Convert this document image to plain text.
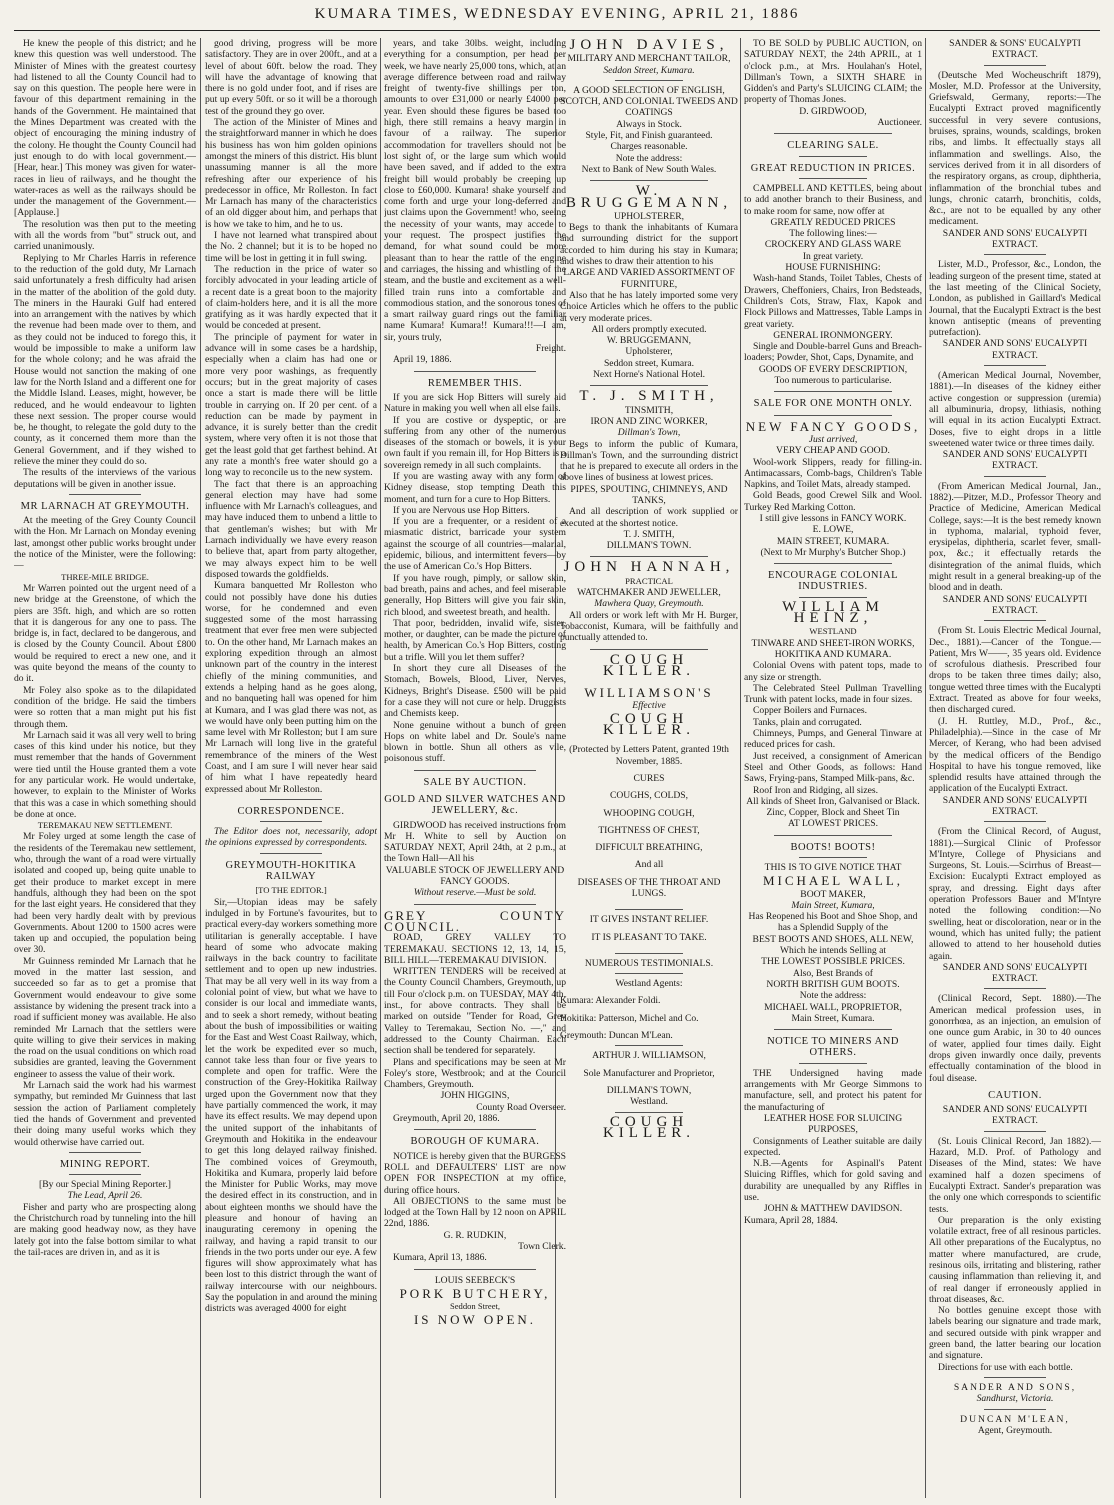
KUMARA TIMES, WEDNESDAY EVENING, APRIL 21, 1886

He knew the people of this district; and he knew this question was well understood. The Minister of Mines with the greatest courtesy had listened to all the County Council had to say on this question. The people here were in favour of this department remaining in the hands of the Government. He maintained that the Mines Department was created with the object of encouraging the mining industry of the colony. He thought the County Council had just enough to do with local government.—[Hear, hear.] This money was given for water-races in lieu of railways, and he thought the water-races as well as the railways should be under the management of the Government.—[Applause.]

The resolution was then put to the meeting with all the words from "but" struck out, and carried unanimously.

Replying to Mr Charles Harris in reference to the reduction of the gold duty, Mr Larnach said unfortunately a fresh difficulty had arisen in the matter of the abolition of the gold duty. The miners in the Hauraki Gulf had entered into an arrangement with the natives by which the revenue had been made over to them, and as they could not be induced to forego this, it would be impossible to make a uniform law for the whole colony; and he was afraid the House would not sanction the making of one law for the North Island and a different one for the Middle Island. Leases, might, however, be reduced, and he would endeavour to lighten these next session. The proper course would be, he thought, to relegate the gold duty to the county, as it concerned them more than the General Government, and if they wished to relieve the miner they could do so.

The results of the interviews of the various deputations will be given in another issue.

MR LARNACH AT GREYMOUTH.

At the meeting of the Grey County Council with the Hon. Mr Larnach on Monday evening last, amongst other public works brought under the notice of the Minister, were the following:—

THREE-MILE BRIDGE.

Mr Warren pointed out the urgent need of a new bridge at the Greenstone, of which the piers are 35ft. high, and which are so rotten that it is dangerous for any one to pass. The bridge is, in fact, declared to be dangerous, and is closed by the County Council. About £800 would be required to erect a new one, and it was quite beyond the means of the county to do it.

Mr Foley also spoke as to the dilapidated condition of the bridge. He said the timbers were so rotten that a man might put his fist through them.

Mr Larnach said it was all very well to bring cases of this kind under his notice, but they must remember that the hands of Government were tied until the House granted them a vote for any particular work. He would undertake, however, to explain to the Minister of Works that this was a case in which something should be done at once.

TEREMAKAU NEW SETTLEMENT.

Mr Foley urged at some length the case of the residents of the Teremakau new settlement, who, through the want of a road were virtually isolated and cooped up, being quite unable to get their produce to market except in mere handfuls, although they had been on the spot for the last eight years. He considered that they had been very hardly dealt with by previous Governments. About 1200 to 1500 acres were taken up and occupied, the population being over 30.

Mr Guinness reminded Mr Larnach that he moved in the matter last session, and succeeded so far as to get a promise that Government would endeavour to give some assistance by widening the present track into a road if sufficient money was available. He also reminded Mr Larnach that the settlers were quite willing to give their services in making the road on the usual conditions on which road subsidies are granted, leaving the Government engineer to assess the value of their work.

Mr Larnach said the work had his warmest sympathy, but reminded Mr Guinness that last session the action of Parliament completely tied the hands of Government and prevented their doing many useful works which they would otherwise have carried out.

MINING REPORT.
[By our Special Mining Reporter.]
The Lead, April 26.

Fisher and party who are prospecting along the Christchurch road by tunneling into the hill are making good headway now, as they have lately got into the false bottom similar to what the tail-races are driven in, and as it is

good driving, progress will be more satisfactory. They are in over 200ft., and at a level of about 60ft. below the road. They will have the advantage of knowing that there is no gold under foot, and if rises are put up every 50ft. or so it will be a thorough test of the ground they go over.

The action of the Minister of Mines and the straightforward manner in which he does his business has won him golden opinions amongst the miners of this district. His blunt unassuming manner is all the more refreshing after our experience of his predecessor in office, Mr Rolleston. In fact Mr Larnach has many of the characteristics of an old digger about him, and perhaps that is how we take to him, and he to us.

I have not learned what transpired about the No. 2 channel; but it is to be hoped no time will be lost in getting it in full swing.

The reduction in the price of water so forcibly advocated in your leading article of a recent date is a great boon to the majority of claim-holders here, and it is all the more gratifying as it was hardly expected that it would be conceded at present.

The principle of payment for water in advance will in some cases be a hardship, especially when a claim has had one or more very poor washings, as frequently occurs; but in the great majority of cases once a start is made there will be little trouble in carrying on. If 20 per cent. of a reduction can be made by payment in advance, it is surely better than the credit system, where very often it is not those that get the least gold that get farthest behind. At any rate a month's free water should go a long way to reconcile us to the new system.

The fact that there is an approaching general election may have had some influence with Mr Larnach's colleagues, and may have induced them to unbend a little to that gentleman's wishes; but with Mr Larnach individually we have every reason to believe that, apart from party altogether, we may always expect him to be well disposed towards the goldfields.

Kumara banquetted Mr Rolleston who could not possibly have done his duties worse, for he condemned and even suggested some of the most harrassing treatment that ever free men were subjected to. On the other hand, Mr Larnach makes an exploring expedition through an almost unknown part of the country in the interest chiefly of the mining communities, and extends a helping hand as he goes along, and no banqueting hall was opened for him at Kumara, and I was glad there was not, as we would have only been putting him on the same level with Mr Rolleston; but I am sure Mr Larnach will long live in the grateful remembrance of the miners of the West Coast, and I am sure I will never hear said of him what I have repeatedly heard expressed about Mr Rolleston.

CORRESPONDENCE.

The Editor does not, necessarily, adopt the opinions expressed by correspondents.

GREYMOUTH-HOKITIKA RAILWAY
[TO THE EDITOR.]

Sir,—Utopian ideas may be safely indulged in by Fortune's favourites, but to practical every-day workers something more utilitarian is generally acceptable. I have heard of some who advocate making railways in the back country to facilitate settlement and to open up new industries. That may be all very well in its way from a colonial point of view, but what we have to consider is our local and immediate wants, and to seek a short remedy, without beating about the bush of impossibilities or waiting for the East and West Coast Railway, which, let the work be expedited ever so much, cannot take less than four or five years to complete and open for traffic. Were the construction of the Grey-Hokitika Railway urged upon the Government now that they have partially commenced the work, it may have its effect results. We may depend upon the united support of the inhabitants of Greymouth and Hokitika in the endeavour to get this long delayed railway finished. The combined voices of Greymouth, Hokitika and Kumara, properly laid before the Minister for Public Works, may move the desired effect in its construction, and in about eighteen months we should have the pleasure and honour of having an inaugurating ceremony in opening the railway, and having a rapid transit to our friends in the two ports under our eye. A few figures will show approximately what has been lost to this district through the want of railway intercourse with our neighbours. Say the population in and around the mining districts was averaged 4000 for eight

years, and take 30lbs. weight, including everything for a consumption, per head per week, we have nearly 25,000 tons, which, at an average difference between road and railway freight of twenty-five shillings per ton, amounts to over £31,000 or nearly £4000 per year. Even should these figures be based too high, there still remains a heavy margin in favour of a railway. The superior accommodation for travellers should not be lost sight of, or the large sum which would have been saved, and if added to the extra freight bill would probably be creeping up close to £60,000. Kumara! shake yourself and come forth and urge your long-deferred and just claims upon the Government! who, seeing the necessity of your wants, may accede to your request. The prospect justifies the demand, for what sound could be more pleasant than to hear the rattle of the engine and carriages, the hissing and whistling of the steam, and the bustle and excitement as a well-filled train runs into a comfortable and commodious station, and the sonorous tones of a smart railway guard rings out the familiar name Kumara! Kumara!! Kumara!!!—I am, sir, yours truly,

Freight.

April 19, 1886.

REMEMBER THIS.

If you are sick Hop Bitters will surely aid Nature in making you well when all else fails.

If you are costive or dyspeptic, or are suffering from any other of the numerous diseases of the stomach or bowels, it is your own fault if you remain ill, for Hop Bitters is a sovereign remedy in all such complaints.

If you are wasting away with any form of Kidney disease, stop tempting Death this moment, and turn for a cure to Hop Bitters.

If you are Nervous use Hop Bitters.

If you are a frequenter, or a resident of a miasmatic district, barricade your system against the scourge of all countries—malarial, epidemic, bilious, and intermittent fevers—by the use of American Co.'s Hop Bitters.

If you have rough, pimply, or sallow skin, bad breath, pains and aches, and feel miserable generally, Hop Bitters will give you fair skin, rich blood, and sweetest breath, and health.

That poor, bedridden, invalid wife, sister, mother, or daughter, can be made the picture of health, by American Co.'s Hop Bitters, costing but a trifle. Will you let them suffer?

In short they cure all Diseases of the Stomach, Bowels, Blood, Liver, Nerves, Kidneys, Bright's Disease. £500 will be paid for a case they will not cure or help. Druggists and Chemists keep.

None genuine without a bunch of green Hops on white label and Dr. Soule's name blown in bottle. Shun all others as vile, poisonous stuff.

SALE BY AUCTION.
GOLD AND SILVER WATCHES AND JEWELLERY, &c.

GIRDWOOD has received instructions from Mr H. White to sell by Auction on SATURDAY NEXT, April 24th, at 2 p.m., at the Town Hall—All his

VALUABLE STOCK OF JEWELLERY AND FANCY GOODS.
Without reserve.—Must be sold.
GREY COUNTY COUNCIL.

ROAD, GREY VALLEY TO TEREMAKAU. SECTIONS 12, 13, 14, 15, BILL HILL—TEREMAKAU DIVISION.

WRITTEN TENDERS will be received at the County Council Chambers, Greymouth, up till Four o'clock p.m. on TUESDAY, MAY 4th, inst., for above contracts. They shall be marked on outside "Tender for Road, Grey Valley to Teremakau, Section No. —," and addressed to the County Chairman. Each section shall be tendered for separately.

Plans and specifications may be seen at Mr Foley's store, Westbrook; and at the Council Chambers, Greymouth.

JOHN HIGGINS,
County Road Overseer.

Greymouth, April 20, 1886.

BOROUGH OF KUMARA.

NOTICE is hereby given that the BURGESS ROLL and DEFAULTERS' LIST are now OPEN FOR INSPECTION at my office, during office hours.

All OBJECTIONS to the same must be lodged at the Town Hall by 12 noon on APRIL 22nd, 1886.

G. R. RUDKIN,
Town Clerk.

Kumara, April 13, 1886.

LOUIS SEEBECK'S
PORK BUTCHERY,
Seddon Street,
IS NOW OPEN.
JOHN DAVIES,
MILITARY AND MERCHANT TAILOR,
Seddon Street, Kumara.
A GOOD SELECTION OF ENGLISH, SCOTCH, AND COLONIAL TWEEDS AND COATINGS
Always in Stock.
Style, Fit, and Finish guaranteed.
Charges reasonable.
Note the address:
Next to Bank of New South Wales.
W. BRUGGEMANN,
UPHOLSTERER,

Begs to thank the inhabitants of Kumara and surrounding district for the support accorded to him during his stay in Kumara; and wishes to draw their attention to his

LARGE AND VARIED ASSORTMENT OF FURNITURE,

Also that he has lately imported some very Choice Articles which he offers to the public at very moderate prices.

All orders promptly executed.
W. BRUGGEMANN,
Upholsterer,
Seddon street, Kumara.
Next Horne's National Hotel.
T. J. SMITH,
TINSMITH,
IRON AND ZINC WORKER,
Dillman's Town,

Begs to inform the public of Kumara, Dillman's Town, and the surrounding district that he is prepared to execute all orders in the above lines of business at lowest prices.

PIPES, SPOUTING, CHIMNEYS, AND TANKS,

And all description of work supplied or executed at the shortest notice.

T. J. SMITH,
DILLMAN'S TOWN.
JOHN HANNAH,
PRACTICAL
WATCHMAKER AND JEWELLER,
Mawhera Quay, Greymouth.

All orders or work left with Mr H. Burger, Tobacconist, Kumara, will be faithfully and punctually attended to.

COUGH KILLER.
WILLIAMSON'S
Effective
COUGH KILLER.
(Protected by Letters Patent, granted 19th November, 1885.
CURES
COUGHS, COLDS,
WHOOPING COUGH,
TIGHTNESS OF CHEST,
DIFFICULT BREATHING,
And all
DISEASES OF THE THROAT AND LUNGS.
IT GIVES INSTANT RELIEF.
IT IS PLEASANT TO TAKE.
NUMEROUS TESTIMONIALS.
Westland Agents:
Kumara: Alexander Foldi.
Hokitika: Patterson, Michel and Co.
Greymouth: Duncan M'Lean.
ARTHUR J. WILLIAMSON,
Sole Manufacturer and Proprietor,
DILLMAN'S TOWN,
Westland.
COUGH KILLER.

TO BE SOLD by PUBLIC AUCTION, on SATURDAY NEXT, the 24th APRIL, at 1 o'clock p.m., at Mrs. Houlahan's Hotel, Dillman's Town, a SIXTH SHARE in Gidden's and Party's SLUICING CLAIM; the property of Thomas Jones.

D. GIRDWOOD,
Auctioneer.
CLEARING SALE.
GREAT REDUCTION IN PRICES.

CAMPBELL AND KETTLES, being about to add another branch to their Business, and to make room for same, now offer at

GREATLY REDUCED PRICES
The following lines:—
CROCKERY AND GLASS WARE
In great variety.
HOUSE FURNISHING:

Wash-hand Stands, Toilet Tables, Chests of Drawers, Cheffoniers, Chairs, Iron Bedsteads, Children's Cots, Straw, Flax, Kapok and Flock Pillows and Mattresses, Table Lamps in great variety.

GENERAL IRONMONGERY.

Single and Double-barrel Guns and Breach-loaders; Powder, Shot, Caps, Dynamite, and

GOODS OF EVERY DESCRIPTION,
Too numerous to particularise.
SALE FOR ONE MONTH ONLY.
NEW FANCY GOODS,
Just arrived,
VERY CHEAP AND GOOD.

Wool-work Slippers, ready for filling-in. Antimacassars, Comb-bags, Children's Table Napkins, and Toilet Mats, already stamped.

Gold Beads, good Crewel Silk and Wool. Turkey Red Marking Cotton.

I still give lessons in FANCY WORK.
E. LOWE,
MAIN STREET, KUMARA.
(Next to Mr Murphy's Butcher Shop.)
ENCOURAGE COLONIAL INDUSTRIES.
WILLIAM HEINZ,
WESTLAND
TINWARE AND SHEET-IRON WORKS,
HOKITIKA AND KUMARA.

Colonial Ovens with patent tops, made to any size or strength.

The Celebrated Steel Pullman Travelling Trunk with patent locks, made in four sizes.

Copper Boilers and Furnaces.

Tanks, plain and corrugated.

Chimneys, Pumps, and General Tinware at reduced prices for cash.

Just received, a consignment of American Steel and Other Goods, as follows: Hand Saws, Frying-pans, Stamped Milk-pans, &c.

Roof Iron and Ridging, all sizes.

All kinds of Sheet Iron, Galvanised or Black.
Zinc, Copper, Block and Sheet Tin
AT LOWEST PRICES.
BOOTS! BOOTS!
THIS IS TO GIVE NOTICE THAT
MICHAEL WALL,
BOOT MAKER,
Main Street, Kumara,
Has Reopened his Boot and Shoe Shop, and has a Splendid Supply of the
BEST BOOTS AND SHOES, ALL NEW,
Which he intends Selling at
THE LOWEST POSSIBLE PRICES.
Also, Best Brands of
NORTH BRITISH GUM BOOTS.
Note the address:
MICHAEL WALL, PROPRIETOR,
Main Street, Kumara.
NOTICE TO MINERS AND OTHERS.

THE Undersigned having made arrangements with Mr George Simmons to manufacture, sell, and protect his patent for the manufacturing of

LEATHER HOSE FOR SLUICING PURPOSES,

Consignments of Leather suitable are daily expected.

N.B.—Agents for Aspinall's Patent Sluicing Riffles, which for gold saving and durability are unequalled by any Riffles in use.

JOHN & MATTHEW DAVIDSON.
Kumara, April 28, 1884.
SANDER & SONS' EUCALYPTI EXTRACT.

(Deutsche Med Wocheuschrift 1879), Mosler, M.D. Professor at the University, Griefswald, Germany, reports:—The Eucalypti Extract proved magnificently successful in very severe contusions, bruises, sprains, wounds, scaldings, broken ribs, and limbs. It effectually stays all inflammation and swellings. Also, the services derived from it in all disorders of the respiratory organs, as croup, diphtheria, inflammation of the bronchial tubes and lungs, chronic catarrh, bronchitis, colds, &c., are not to be equalled by any other medicament.

SANDER AND SONS' EUCALYPTI EXTRACT.

Lister, M.D., Professor, &c., London, the leading surgeon of the present time, stated at the last meeting of the Clinical Society, London, as published in Gaillard's Medical Journal, that the Eucalypti Extract is the best known antiseptic (means of preventing putrefaction).

SANDER AND SONS' EUCALYPTI EXTRACT.

(American Medical Journal, November, 1881).—In diseases of the kidney either active congestion or suppression (uremia) all albuminuria, dropsy, lithiasis, nothing will equal in its action Eucalypti Extract. Doses, five to eight drops in a little sweetened water twice or three times daily.

SANDER AND SONS' EUCALYPTI EXTRACT.

(From American Medical Journal, Jan., 1882).—Pitzer, M.D., Professor Theory and Practice of Medicine, American Medical College, says:—It is the best remedy known in typhoma, malarial, typhoid fever, erysipelas, diphtheria, scarlet fever, small-pox, &c.; it effectually retards the disintegration of the animal fluids, which might result in a general breaking-up of the blood and in death.

SANDER AND SONS' EUCALYPTI EXTRACT.

(From St. Louis Electric Medical Journal, Dec., 1881).—Cancer of the Tongue.—Patient, Mrs W——, 35 years old. Evidence of scrofulous diathesis. Prescribed four drops to be taken three times daily; also, tongue wetted three times with the Eucalypti Extract. Treated as above for four weeks, then discharged cured.

(J. H. Ruttley, M.D., Prof., &c., Philadelphia).—Since in the case of Mr Mercer, of Kerang, who had been advised by the medical officers of the Bendigo Hospital to have his tongue removed, like splendid results have attained through the application of the Eucalypti Extract.

SANDER AND SONS' EUCALYPTI EXTRACT.

(From the Clinical Record, of August, 1881).—Surgical Clinic of Professor M'Intyre, College of Physicians and Surgeons, St. Louis.—Scirrhus of Breast—Excision: Eucalypti Extract employed as spray, and dressing. Eight days after operation Professors Bauer and M'Intyre noted the following condition:—No swelling, heat or discoloration, near or in the wound, which has united fully; the patient allowed to attend to her household duties again.

SANDER AND SONS' EUCALYPTI EXTRACT.

(Clinical Record, Sept. 1880).—The American medical profession uses, in gonorrhœa, as an injection, an emulsion of one ounce gum Arabic, in 30 to 40 ounces of water, applied four times daily. Eight drops given inwardly once daily, prevents effectually contamination of the blood in foul disease.

CAUTION.
SANDER AND SONS' EUCALYPTI EXTRACT.

(St. Louis Clinical Record, Jan 1882).—Hazard, M.D. Prof. of Pathology and Diseases of the Mind, states: We have examined half a dozen specimens of Eucalypti Extract. Sander's preparation was the only one which corresponds to scientific tests.

Our preparation is the only existing volatile extract, free of all resinous particles. All other preparations of the Eucalyptus, no matter where manufactured, are crude, resinous oils, irritating and blistering, rather causing inflammation than relieving it, and of real danger if erroneously applied in throat diseases, &c.

No bottles genuine except those with labels bearing our signature and trade mark, and secured outside with pink wrapper and green band, the latter bearing our location and signature.

Directions for use with each bottle.

SANDER AND SONS,
Sandhurst, Victoria.
DUNCAN M'LEAN,
Agent, Greymouth.
